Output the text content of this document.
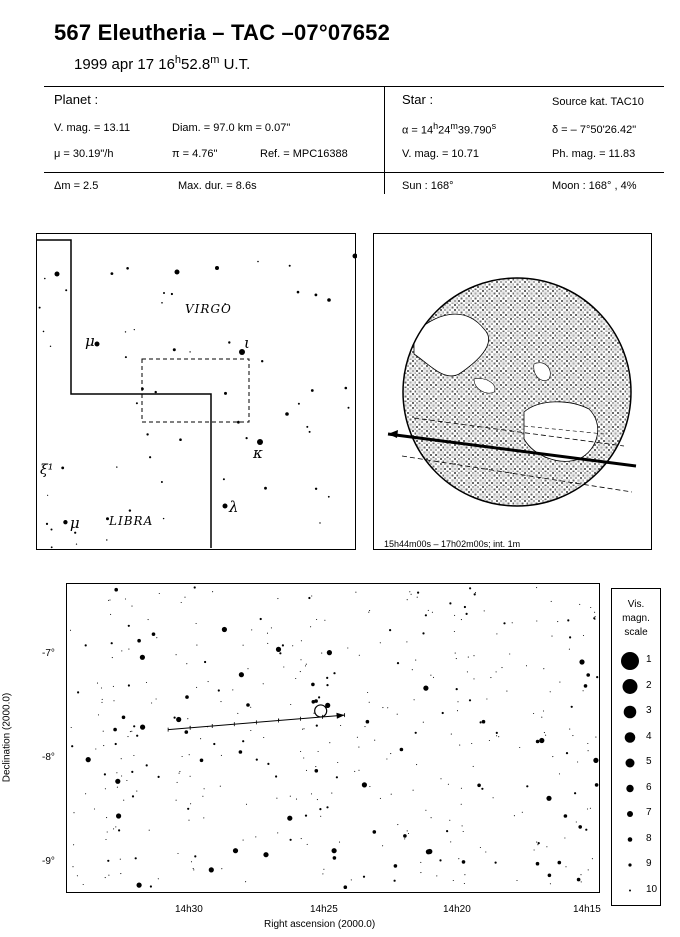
567 Eleutheria – TAC –07°07652
1999 apr 17 16$^h$52.8$^m$ U.T.
Planet :
V. mag. = 13.11	Diam. = 97.0 km = 0.07"
μ = 30.19"/h	π = 4.76"	Ref. = MPC16388
Δm = 2.5	Max. dur. = 8.6s
Star :	Source kat. TAC10
$\alpha = 14^h24^m39.790^s$	δ = – 7°50'26.42"
V. mag. = 10.71	Ph. mag. = 11.83
Sun : 168°	Moon : 168° , 4%
VIRGO
LIBRA
μ
•μ
ι
κ
λ
ξ¹
15h44m00s – 17h02m00s; int. 1m
-7°
-8°
-9°
14h30	14h25	14h20	14h15
Right ascension (2000.0)
Declination (2000.0)
Vis.
magn.
scale
1
2
3
4
5
6
7
8
9
10
